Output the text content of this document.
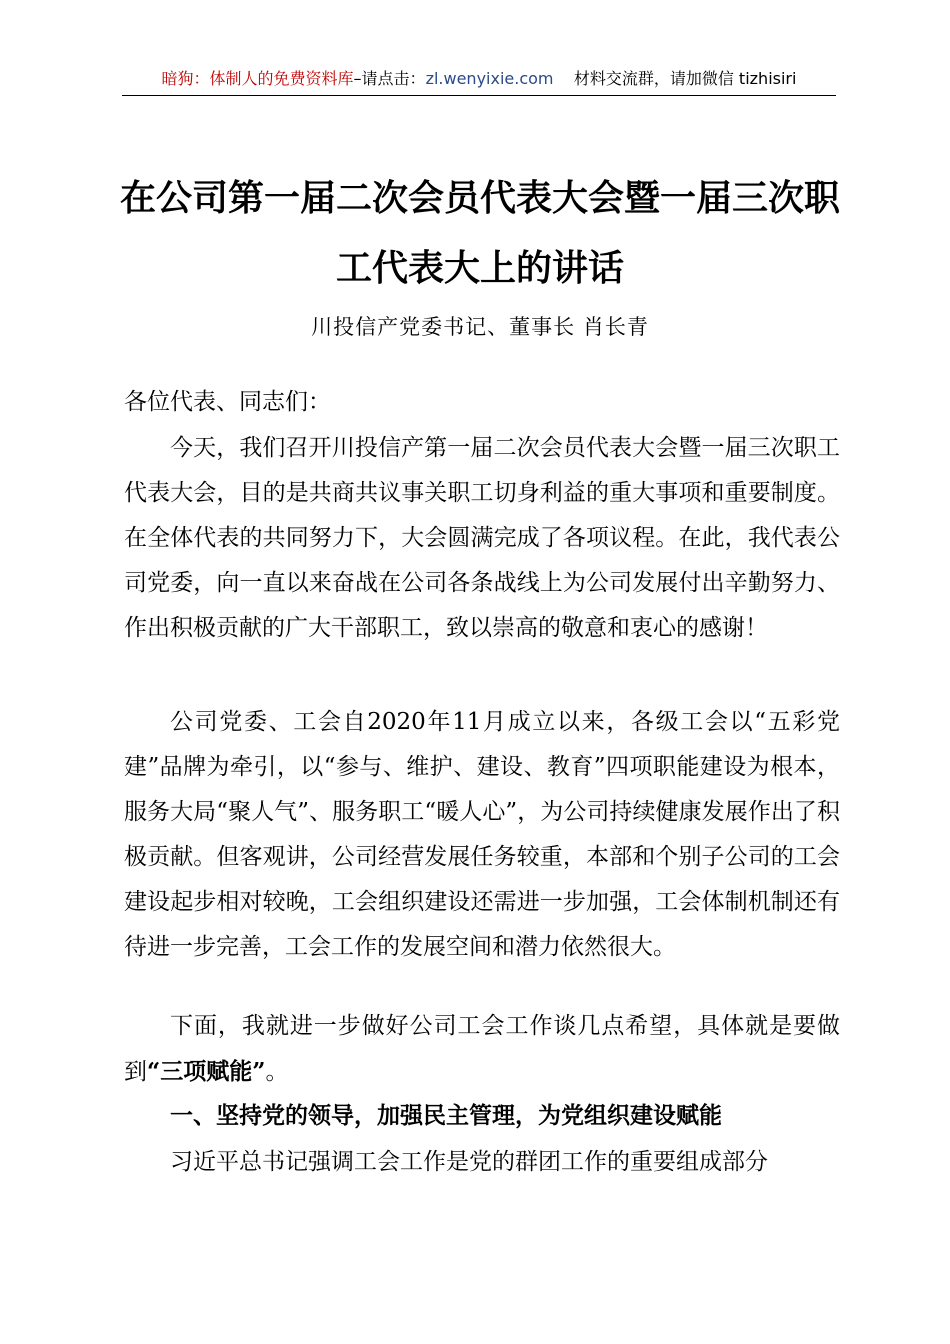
暗狗：体制人的免费资料库–请点击：zl.wenyixie.com 材料交流群，请加微信 tizhisiri
在公司第一届二次会员代表大会暨一届三次职
工代表大上的讲话
川投信产党委书记、董事长 肖长青
各位代表、同志们：

今天，我们召开川投信产第一届二次会员代表大会暨一届三次职工代表大会，目的是共商共议事关职工切身利益的重大事项和重要制度。在全体代表的共同努力下，大会圆满完成了各项议程。在此，我代表公司党委，向一直以来奋战在公司各条战线上为公司发展付出辛勤努力、作出积极贡献的广大干部职工，致以崇高的敬意和衷心的感谢！

公司党委、工会自2020年11月成立以来，各级工会以“五彩党建”品牌为牵引，以“参与、维护、建设、教育”四项职能建设为根本，服务大局“聚人气”、服务职工“暖人心”，为公司持续健康发展作出了积极贡献。但客观讲，公司经营发展任务较重，本部和个别子公司的工会建设起步相对较晚，工会组织建设还需进一步加强，工会体制机制还有待进一步完善，工会工作的发展空间和潜力依然很大。

下面，我就进一步做好公司工会工作谈几点希望，具体就是要做到“三项赋能”。

一、坚持党的领导，加强民主管理，为党组织建设赋能

习近平总书记强调工会工作是党的群团工作的重要组成部分
